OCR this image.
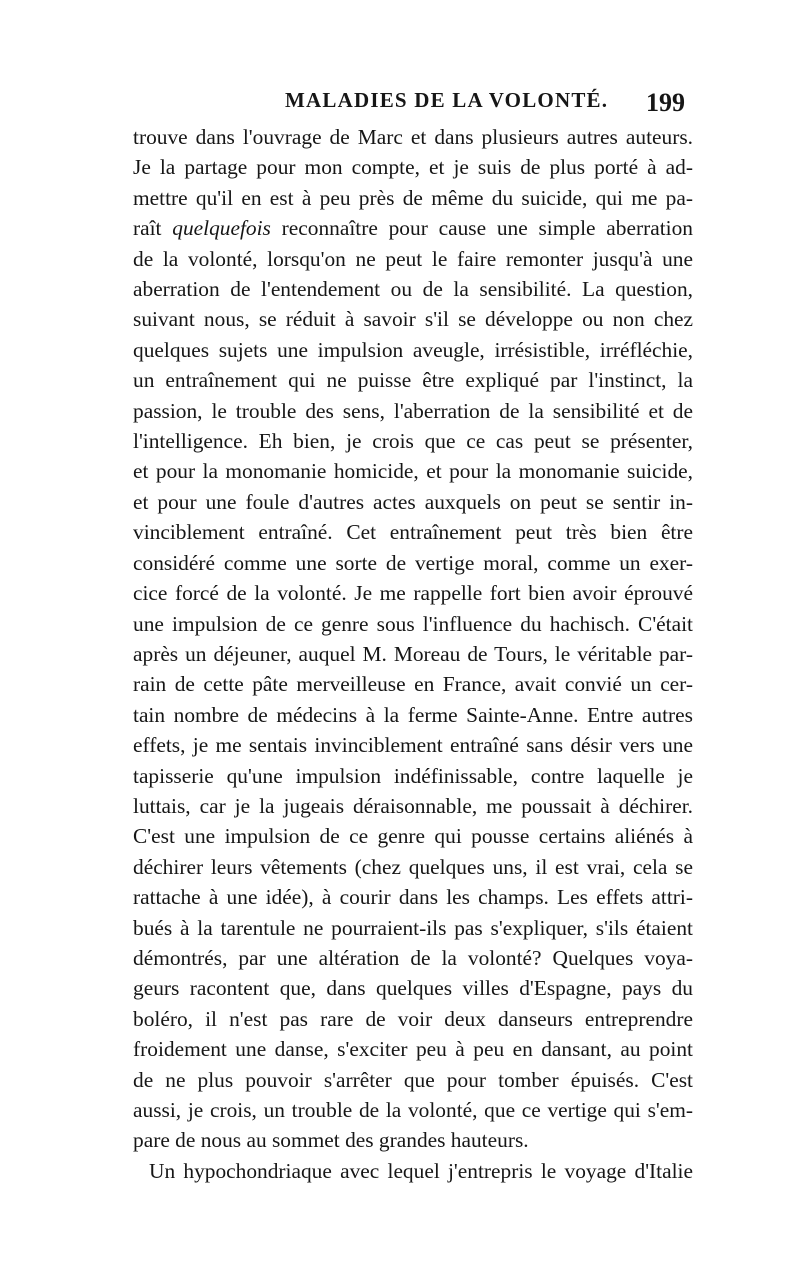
MALADIES DE LA VOLONTÉ. 199
trouve dans l'ouvrage de Marc et dans plusieurs autres auteurs.
Je la partage pour mon compte, et je suis de plus porté à ad-
mettre qu'il en est à peu près de même du suicide, qui me pa-
raît quelquefois reconnaître pour cause une simple aberration
de la volonté, lorsqu'on ne peut le faire remonter jusqu'à une
aberration de l'entendement ou de la sensibilité. La question,
suivant nous, se réduit à savoir s'il se développe ou non chez
quelques sujets une impulsion aveugle, irrésistible, irréfléchie,
un entraînement qui ne puisse être expliqué par l'instinct, la
passion, le trouble des sens, l'aberration de la sensibilité et de
l'intelligence. Eh bien, je crois que ce cas peut se présenter,
et pour la monomanie homicide, et pour la monomanie suicide,
et pour une foule d'autres actes auxquels on peut se sentir in-
vinciblement entraîné. Cet entraînement peut très bien être
considéré comme une sorte de vertige moral, comme un exer-
cice forcé de la volonté. Je me rappelle fort bien avoir éprouvé
une impulsion de ce genre sous l'influence du hachisch. C'était
après un déjeuner, auquel M. Moreau de Tours, le véritable par-
rain de cette pâte merveilleuse en France, avait convié un cer-
tain nombre de médecins à la ferme Sainte-Anne. Entre autres
effets, je me sentais invinciblement entraîné sans désir vers une
tapisserie qu'une impulsion indéfinissable, contre laquelle je
luttais, car je la jugeais déraisonnable, me poussait à déchirer.
C'est une impulsion de ce genre qui pousse certains aliénés à
déchirer leurs vêtements (chez quelques uns, il est vrai, cela se
rattache à une idée), à courir dans les champs. Les effets attri-
bués à la tarentule ne pourraient-ils pas s'expliquer, s'ils étaient
démontrés, par une altération de la volonté? Quelques voya-
geurs racontent que, dans quelques villes d'Espagne, pays du
boléro, il n'est pas rare de voir deux danseurs entreprendre
froidement une danse, s'exciter peu à peu en dansant, au point
de ne plus pouvoir s'arrêter que pour tomber épuisés. C'est
aussi, je crois, un trouble de la volonté, que ce vertige qui s'em-
pare de nous au sommet des grandes hauteurs.
Un hypochondriaque avec lequel j'entrepris le voyage d'Italie
